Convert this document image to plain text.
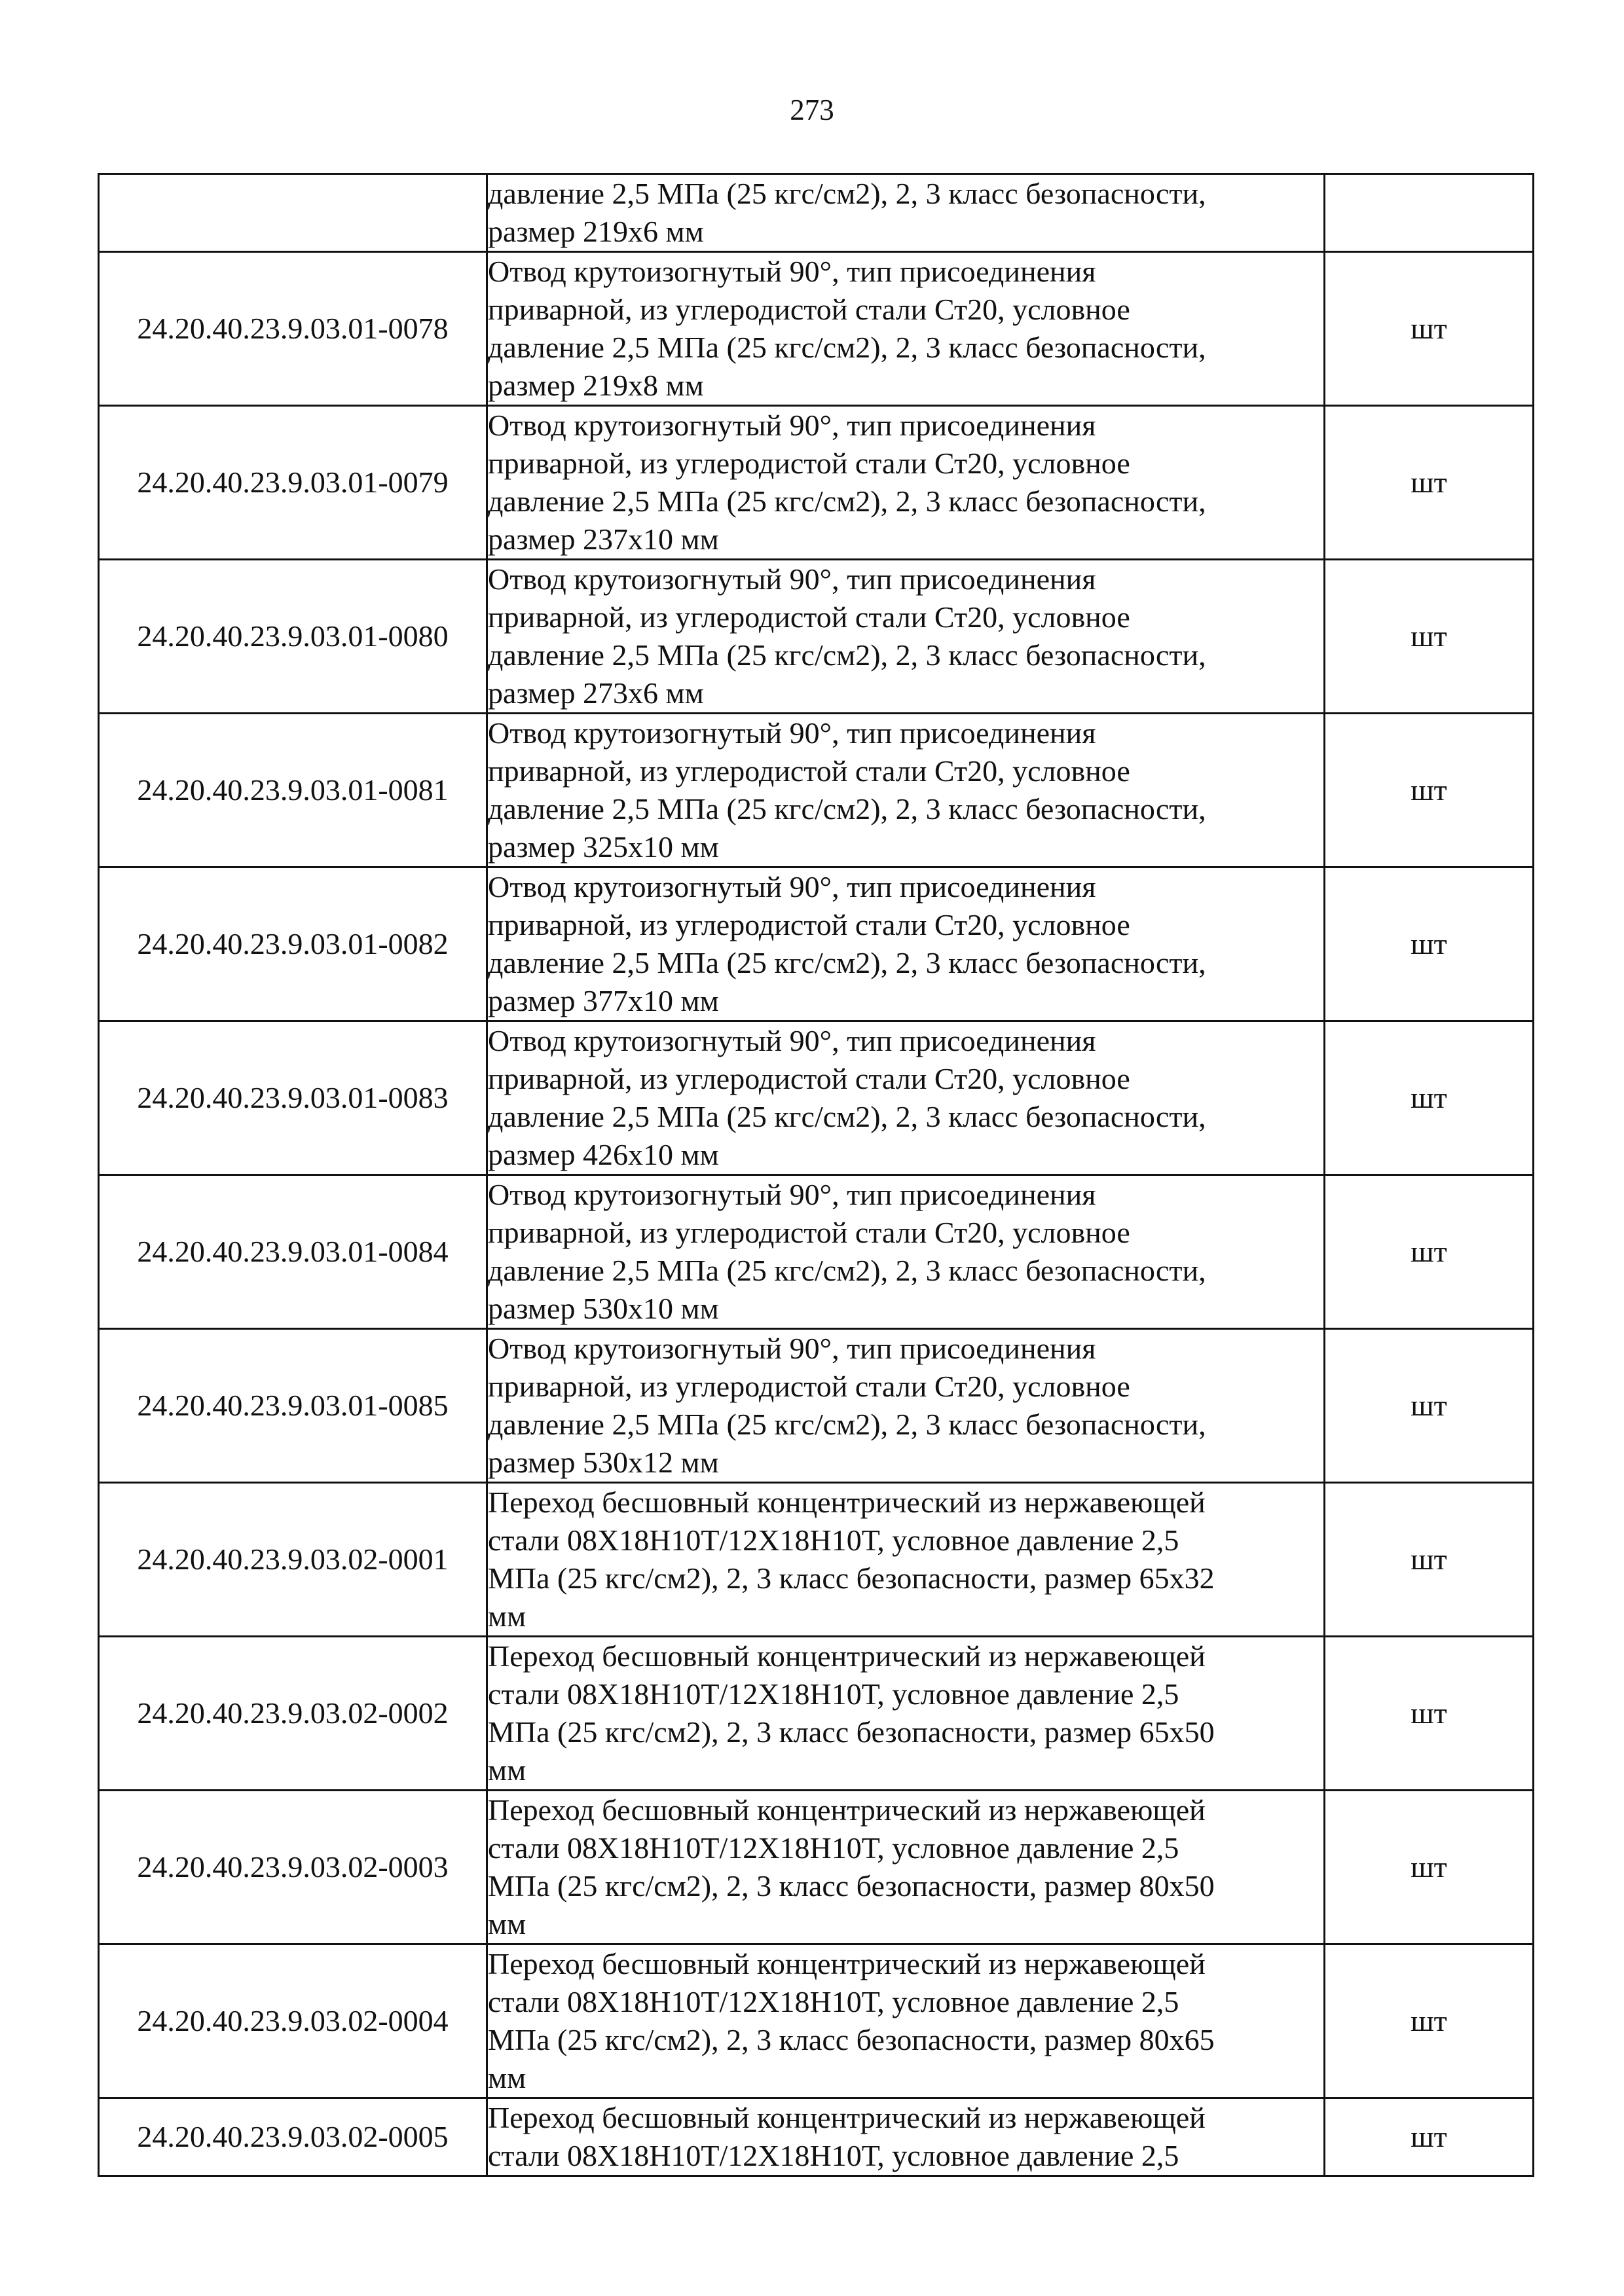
273

	давление 2,5 МПа (25 кгс/см2), 2, 3 класс безопасности,
размер 219х6 мм	

24.20.40.23.9.03.01-0078	Отвод крутоизогнутый 90°, тип присоединения
приварной, из углеродистой стали Ст20, условное
давление 2,5 МПа (25 кгс/см2), 2, 3 класс безопасности,
размер 219х8 мм	шт
24.20.40.23.9.03.01-0079	Отвод крутоизогнутый 90°, тип присоединения
приварной, из углеродистой стали Ст20, условное
давление 2,5 МПа (25 кгс/см2), 2, 3 класс безопасности,
размер 237х10 мм	шт
24.20.40.23.9.03.01-0080	Отвод крутоизогнутый 90°, тип присоединения
приварной, из углеродистой стали Ст20, условное
давление 2,5 МПа (25 кгс/см2), 2, 3 класс безопасности,
размер 273х6 мм	шт
24.20.40.23.9.03.01-0081	Отвод крутоизогнутый 90°, тип присоединения
приварной, из углеродистой стали Ст20, условное
давление 2,5 МПа (25 кгс/см2), 2, 3 класс безопасности,
размер 325х10 мм	шт
24.20.40.23.9.03.01-0082	Отвод крутоизогнутый 90°, тип присоединения
приварной, из углеродистой стали Ст20, условное
давление 2,5 МПа (25 кгс/см2), 2, 3 класс безопасности,
размер 377х10 мм	шт
24.20.40.23.9.03.01-0083	Отвод крутоизогнутый 90°, тип присоединения
приварной, из углеродистой стали Ст20, условное
давление 2,5 МПа (25 кгс/см2), 2, 3 класс безопасности,
размер 426х10 мм	шт
24.20.40.23.9.03.01-0084	Отвод крутоизогнутый 90°, тип присоединения
приварной, из углеродистой стали Ст20, условное
давление 2,5 МПа (25 кгс/см2), 2, 3 класс безопасности,
размер 530х10 мм	шт
24.20.40.23.9.03.01-0085	Отвод крутоизогнутый 90°, тип присоединения
приварной, из углеродистой стали Ст20, условное
давление 2,5 МПа (25 кгс/см2), 2, 3 класс безопасности,
размер 530х12 мм	шт
24.20.40.23.9.03.02-0001	Переход бесшовный концентрический из нержавеющей
стали 08Х18Н10Т/12Х18Н10Т, условное давление 2,5
МПа (25 кгс/см2), 2, 3 класс безопасности, размер 65х32
мм	шт
24.20.40.23.9.03.02-0002	Переход бесшовный концентрический из нержавеющей
стали 08Х18Н10Т/12Х18Н10Т, условное давление 2,5
МПа (25 кгс/см2), 2, 3 класс безопасности, размер 65х50
мм	шт
24.20.40.23.9.03.02-0003	Переход бесшовный концентрический из нержавеющей
стали 08Х18Н10Т/12Х18Н10Т, условное давление 2,5
МПа (25 кгс/см2), 2, 3 класс безопасности, размер 80х50
мм	шт
24.20.40.23.9.03.02-0004	Переход бесшовный концентрический из нержавеющей
стали 08Х18Н10Т/12Х18Н10Т, условное давление 2,5
МПа (25 кгс/см2), 2, 3 класс безопасности, размер 80х65
мм	шт
24.20.40.23.9.03.02-0005	Переход бесшовный концентрический из нержавеющей
стали 08Х18Н10Т/12Х18Н10Т, условное давление 2,5	шт
